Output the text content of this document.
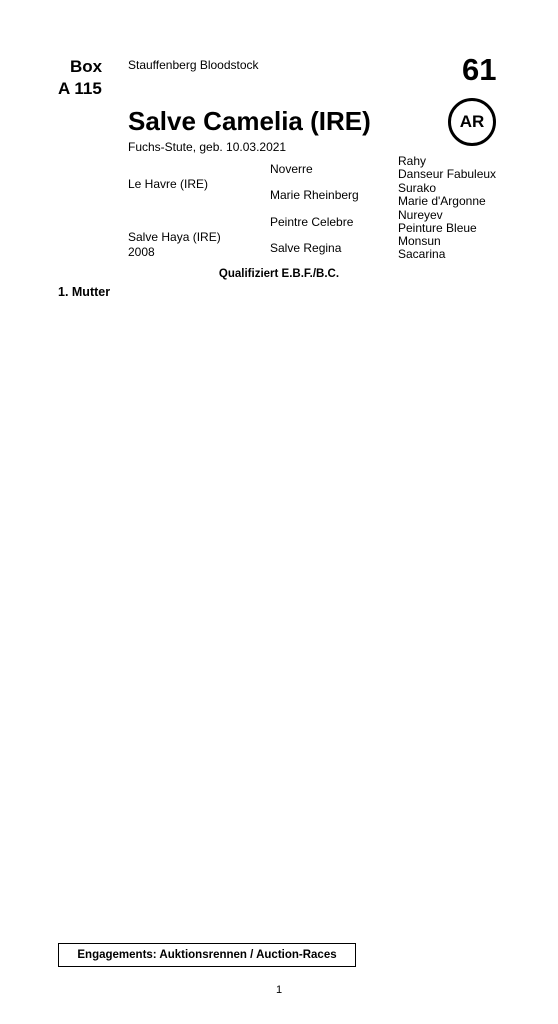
Box
A 115
Stauffenberg Bloodstock	61
Salve Camelia (IRE)	AR
Fuchs-Stute, geb. 10.03.2021
Le Havre (IRE)
Salve Haya (IRE)
2008
Noverre
Marie Rheinberg
Peintre Celebre
Salve Regina
Rahy
Danseur Fabuleux
Surako
Marie d'Argonne
Nureyev
Peinture Bleue
Monsun
Sacarina
Qualifiziert E.B.F./B.C.
1. Mutter
Engagements: Auktionsrennen / Auction-Races
1
